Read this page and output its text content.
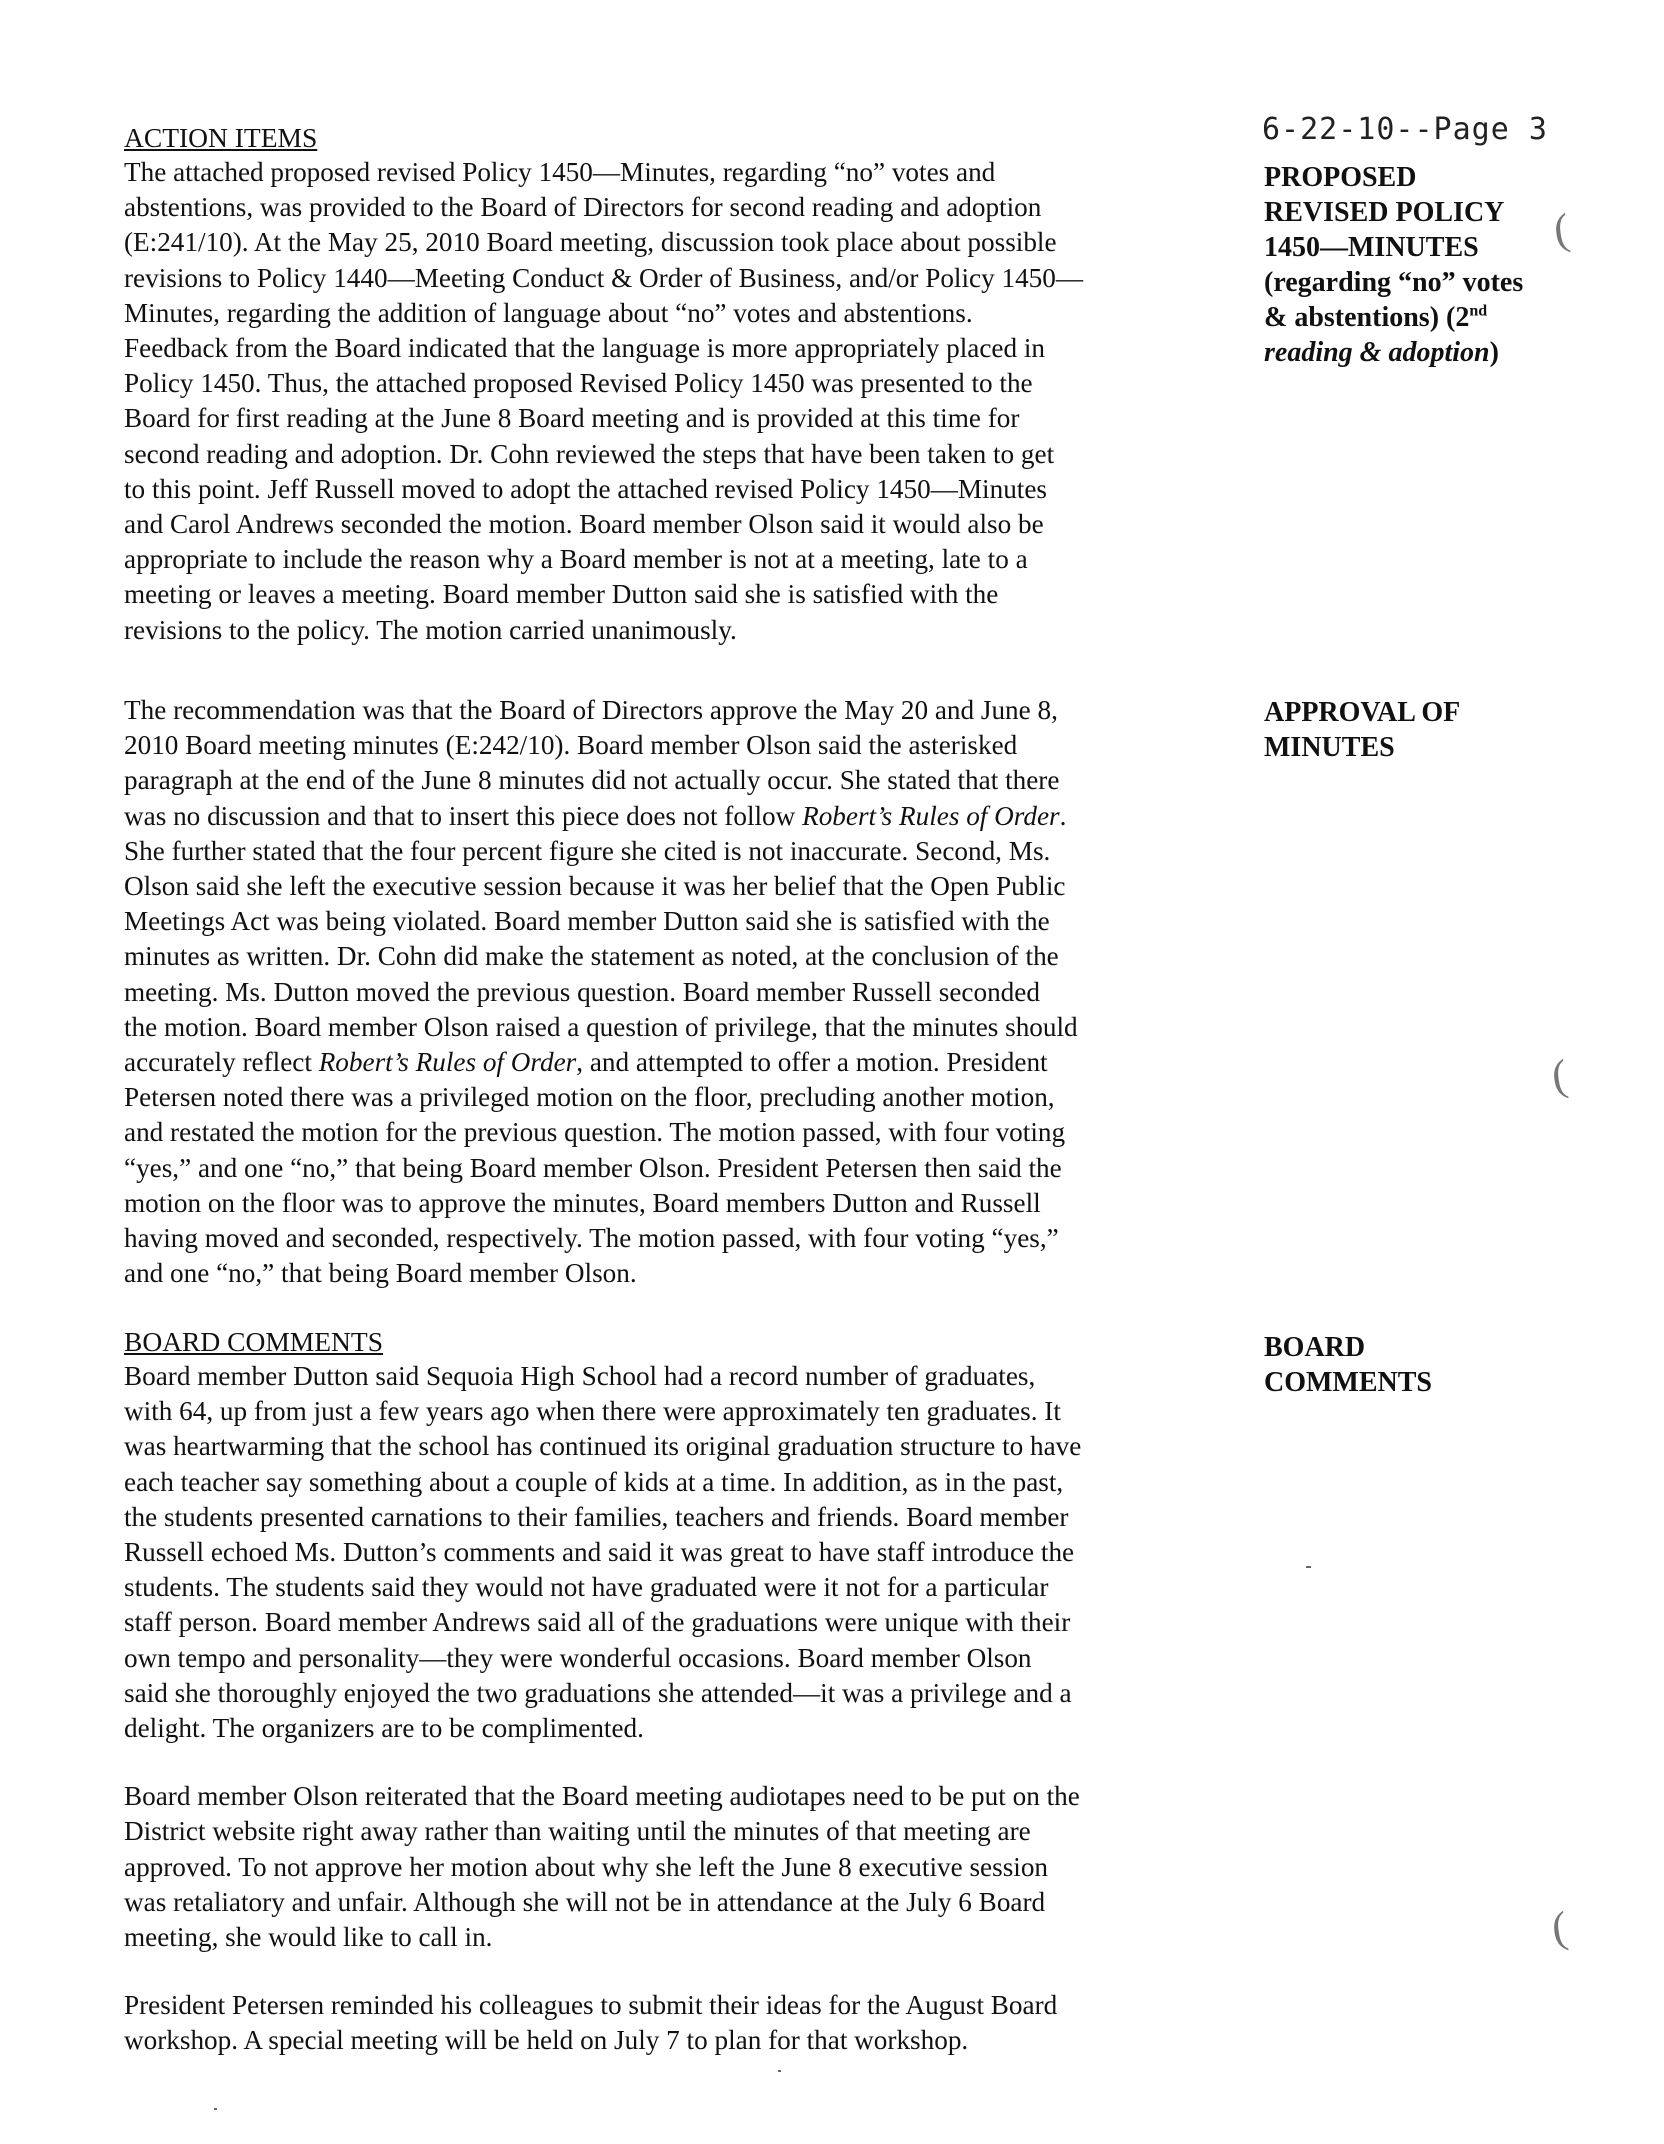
6-22-10--Page 3
ACTION ITEMS

The attached proposed revised Policy 1450—Minutes, regarding “no” votes and
abstentions, was provided to the Board of Directors for second reading and adoption
(E:241/10). At the May 25, 2010 Board meeting, discussion took place about possible
revisions to Policy 1440—Meeting Conduct & Order of Business, and/or Policy 1450—
Minutes, regarding the addition of language about “no” votes and abstentions.
Feedback from the Board indicated that the language is more appropriately placed in
Policy 1450. Thus, the attached proposed Revised Policy 1450 was presented to the
Board for first reading at the June 8 Board meeting and is provided at this time for
second reading and adoption. Dr. Cohn reviewed the steps that have been taken to get
to this point. Jeff Russell moved to adopt the attached revised Policy 1450—Minutes
and Carol Andrews seconded the motion. Board member Olson said it would also be
appropriate to include the reason why a Board member is not at a meeting, late to a
meeting or leaves a meeting. Board member Dutton said she is satisfied with the
revisions to the policy. The motion carried unanimously.

PROPOSED
REVISED POLICY
1450—MINUTES
(regarding “no” votes
& abstentions) (2nd
reading & adoption)

The recommendation was that the Board of Directors approve the May 20 and June 8,
2010 Board meeting minutes (E:242/10). Board member Olson said the asterisked
paragraph at the end of the June 8 minutes did not actually occur. She stated that there
was no discussion and that to insert this piece does not follow Robert’s Rules of Order.
She further stated that the four percent figure she cited is not inaccurate. Second, Ms.
Olson said she left the executive session because it was her belief that the Open Public
Meetings Act was being violated. Board member Dutton said she is satisfied with the
minutes as written. Dr. Cohn did make the statement as noted, at the conclusion of the
meeting. Ms. Dutton moved the previous question. Board member Russell seconded
the motion. Board member Olson raised a question of privilege, that the minutes should
accurately reflect Robert’s Rules of Order, and attempted to offer a motion. President
Petersen noted there was a privileged motion on the floor, precluding another motion,
and restated the motion for the previous question. The motion passed, with four voting
“yes,” and one “no,” that being Board member Olson. President Petersen then said the
motion on the floor was to approve the minutes, Board members Dutton and Russell
having moved and seconded, respectively. The motion passed, with four voting “yes,”
and one “no,” that being Board member Olson.

APPROVAL OF
MINUTES
BOARD COMMENTS

Board member Dutton said Sequoia High School had a record number of graduates,
with 64, up from just a few years ago when there were approximately ten graduates. It
was heartwarming that the school has continued its original graduation structure to have
each teacher say something about a couple of kids at a time. In addition, as in the past,
the students presented carnations to their families, teachers and friends. Board member
Russell echoed Ms. Dutton’s comments and said it was great to have staff introduce the
students. The students said they would not have graduated were it not for a particular
staff person. Board member Andrews said all of the graduations were unique with their
own tempo and personality—they were wonderful occasions. Board member Olson
said she thoroughly enjoyed the two graduations she attended—it was a privilege and a
delight. The organizers are to be complimented.

Board member Olson reiterated that the Board meeting audiotapes need to be put on the
District website right away rather than waiting until the minutes of that meeting are
approved. To not approve her motion about why she left the June 8 executive session
was retaliatory and unfair. Although she will not be in attendance at the July 6 Board
meeting, she would like to call in.

President Petersen reminded his colleagues to submit their ideas for the August Board
workshop. A special meeting will be held on July 7 to plan for that workshop.

BOARD
COMMENTS
(
(
(
